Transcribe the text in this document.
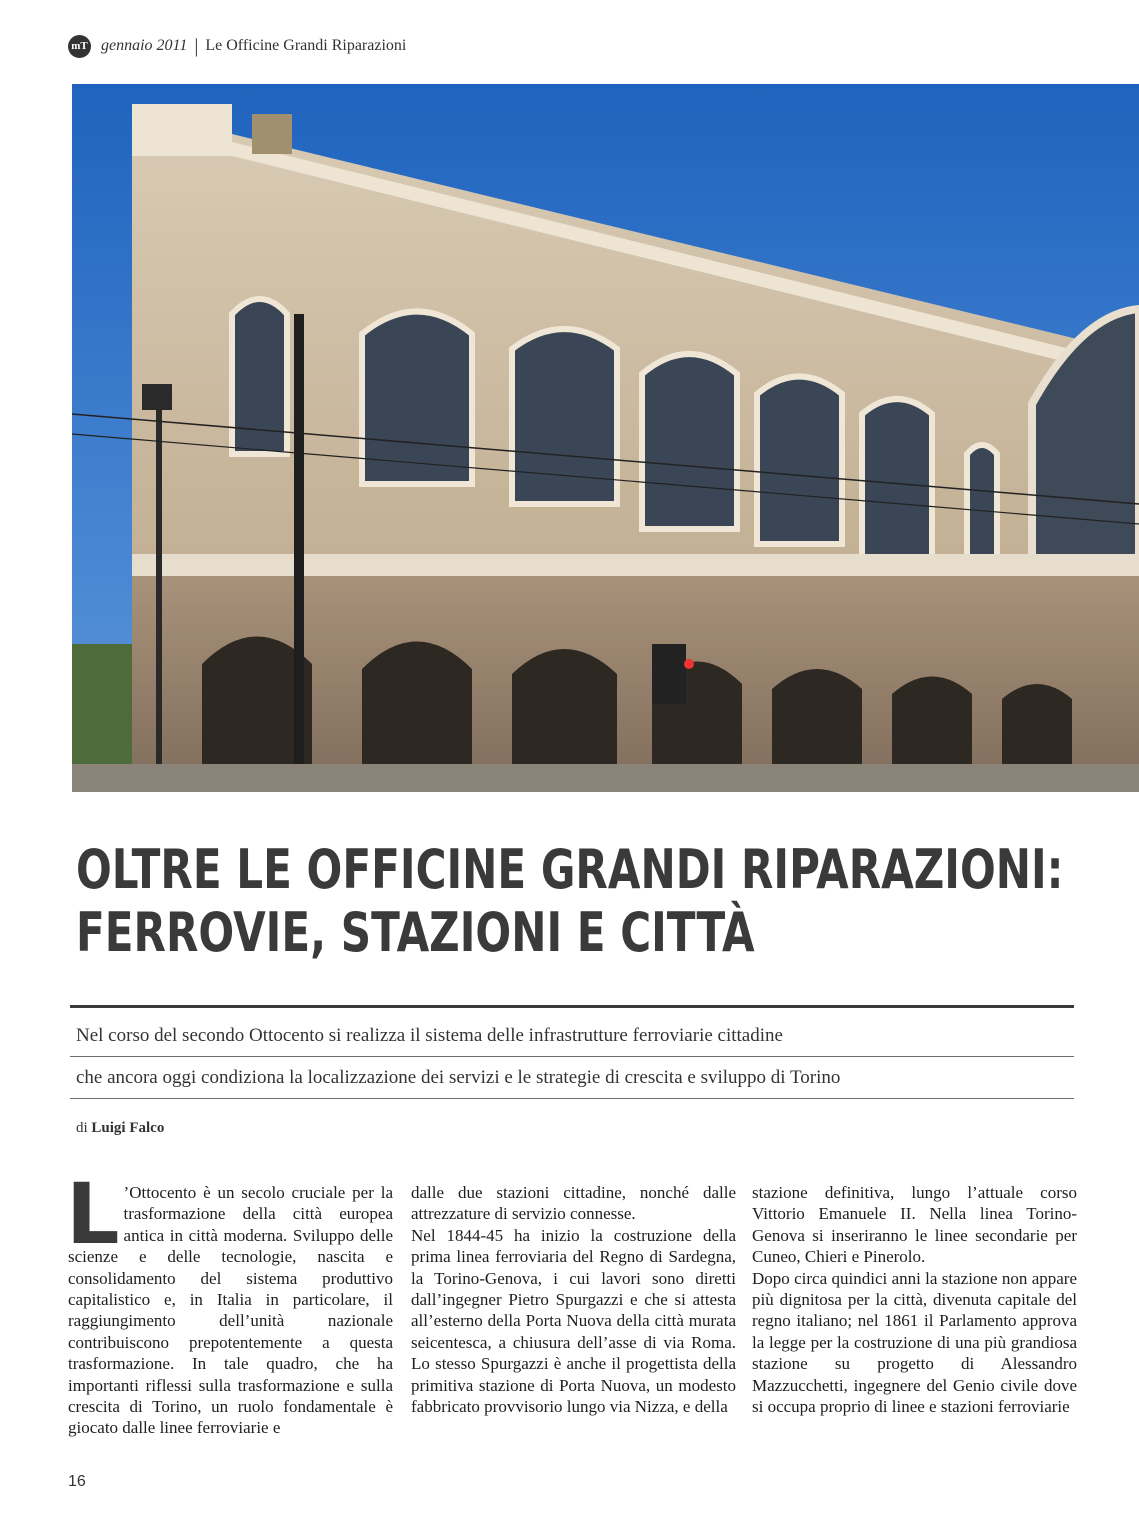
mT gennaio 2011 | Le Officine Grandi Riparazioni
OLTRE LE OFFICINE GRANDI RIPARAZIONI:
FERROVIE, STAZIONI E CITTÀ
Nel corso del secondo Ottocento si realizza il sistema delle infrastrutture ferroviarie cittadine
che ancora oggi condiziona la localizzazione dei servizi e le strategie di crescita e sviluppo di Torino
di Luigi Falco
L ’Ottocento è un secolo cruciale per la trasformazione della città europea antica in città moderna. Sviluppo delle scienze e delle tecnologie, nascita e consolidamento del sistema produttivo capitalistico e, in Italia in particolare, il raggiungimento dell’unità nazionale contribuiscono prepotentemente a questa trasformazione. In tale quadro, che ha importanti riflessi sulla trasformazione e sulla crescita di Torino, un ruolo fondamentale è giocato dalle linee ferroviarie e
dalle due stazioni cittadine, nonché dalle attrezzature di servizio connesse.
Nel 1844-45 ha inizio la costruzione della prima linea ferroviaria del Regno di Sardegna, la Torino-Genova, i cui lavori sono diretti dall’ingegner Pietro Spurgazzi e che si attesta all’esterno della Porta Nuova della città murata seicentesca, a chiusura dell’asse di via Roma. Lo stesso Spurgazzi è anche il progettista della primitiva stazione di Porta Nuova, un modesto fabbricato provvisorio lungo via Nizza, e della
stazione definitiva, lungo l’attuale corso Vittorio Emanuele II. Nella linea Torino-Genova si inseriranno le linee secondarie per Cuneo, Chieri e Pinerolo.
Dopo circa quindici anni la stazione non appare più dignitosa per la città, divenuta capitale del regno italiano; nel 1861 il Parlamento approva la legge per la costruzione di una più grandiosa stazione su progetto di Alessandro Mazzucchetti, ingegnere del Genio civile dove si occupa proprio di linee e stazioni ferroviarie
16
